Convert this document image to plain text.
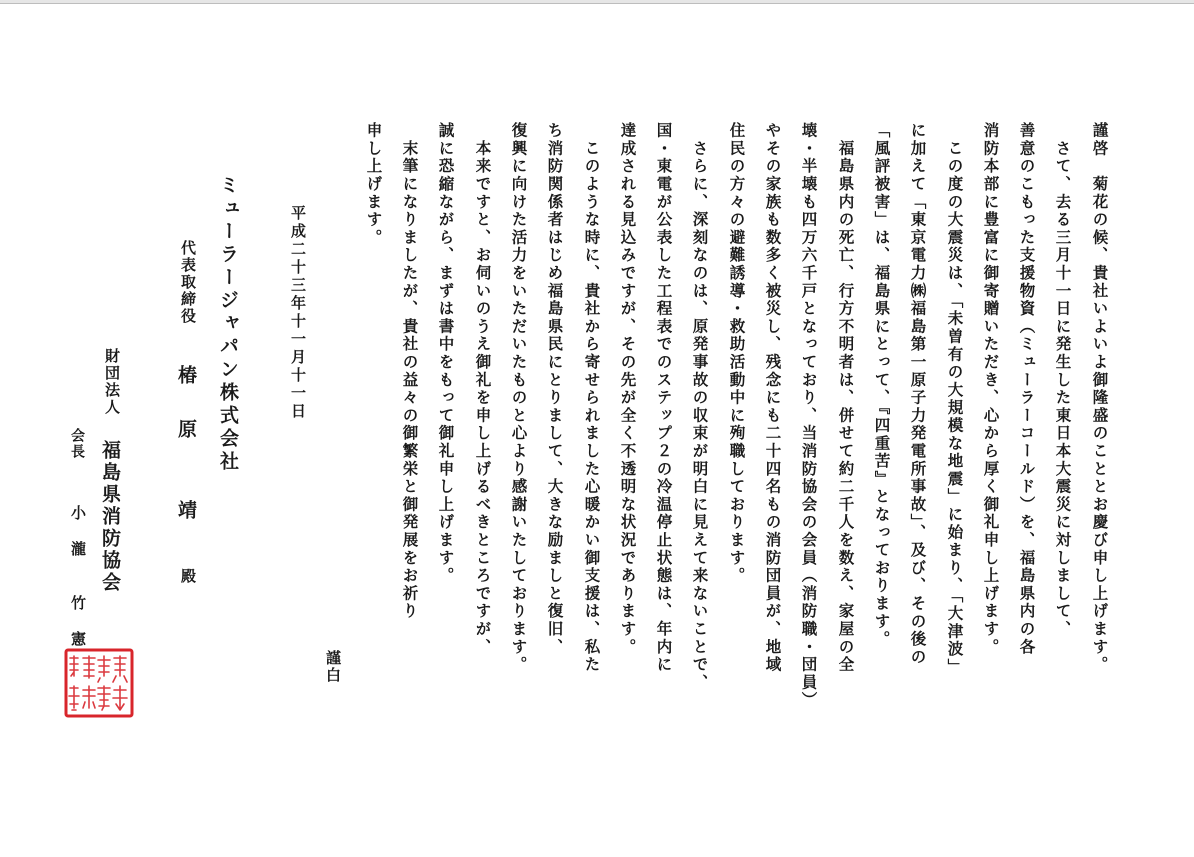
謹啓　菊花の候、貴社いよいよ御隆盛のこととお慶び申し上げます。
　さて、去る三月十一日に発生した東日本大震災に対しまして、
善意のこもった支援物資（ミューラーコールド）を、福島県内の各
消防本部に豊富に御寄贈いただき、心から厚く御礼申し上げます。
　この度の大震災は、「未曽有の大規模な地震」に始まり、「大津波」
に加えて「東京電力㈱福島第一原子力発電所事故」、及び、その後の
「風評被害」は、福島県にとって、『四重苦』となっております。
　福島県内の死亡、行方不明者は、併せて約二千人を数え、家屋の全
壊・半壊も四万六千戸となっており、当消防協会の会員（消防職・団員）
やその家族も数多く被災し、残念にも二十四名もの消防団員が、地域
住民の方々の避難誘導・救助活動中に殉職しております。
　さらに、深刻なのは、原発事故の収束が明白に見えて来ないことで、
国・東電が公表した工程表でのステップ２の冷温停止状態は、年内に
達成される見込みですが、その先が全く不透明な状況であります。
　このような時に、貴社から寄せられました心暖かい御支援は、私た
ち消防関係者はじめ福島県民にとりまして、大きな励ましと復旧、
復興に向けた活力をいただいたものと心より感謝いたしております。
　本来ですと、お伺いのうえ御礼を申し上げるべきところですが、
誠に恐縮ながら、まずは書中をもって御礼申し上げます。
　末筆になりましたが、貴社の益々の御繁栄と御発展をお祈り
申し上げます。
謹白
平成二十三年十一月十一日
ミューラージャパン株式会社
代表取締役
椿　原　　靖
殿
財団法人
福島県消防協会
会長
小　瀧　　竹　憲
